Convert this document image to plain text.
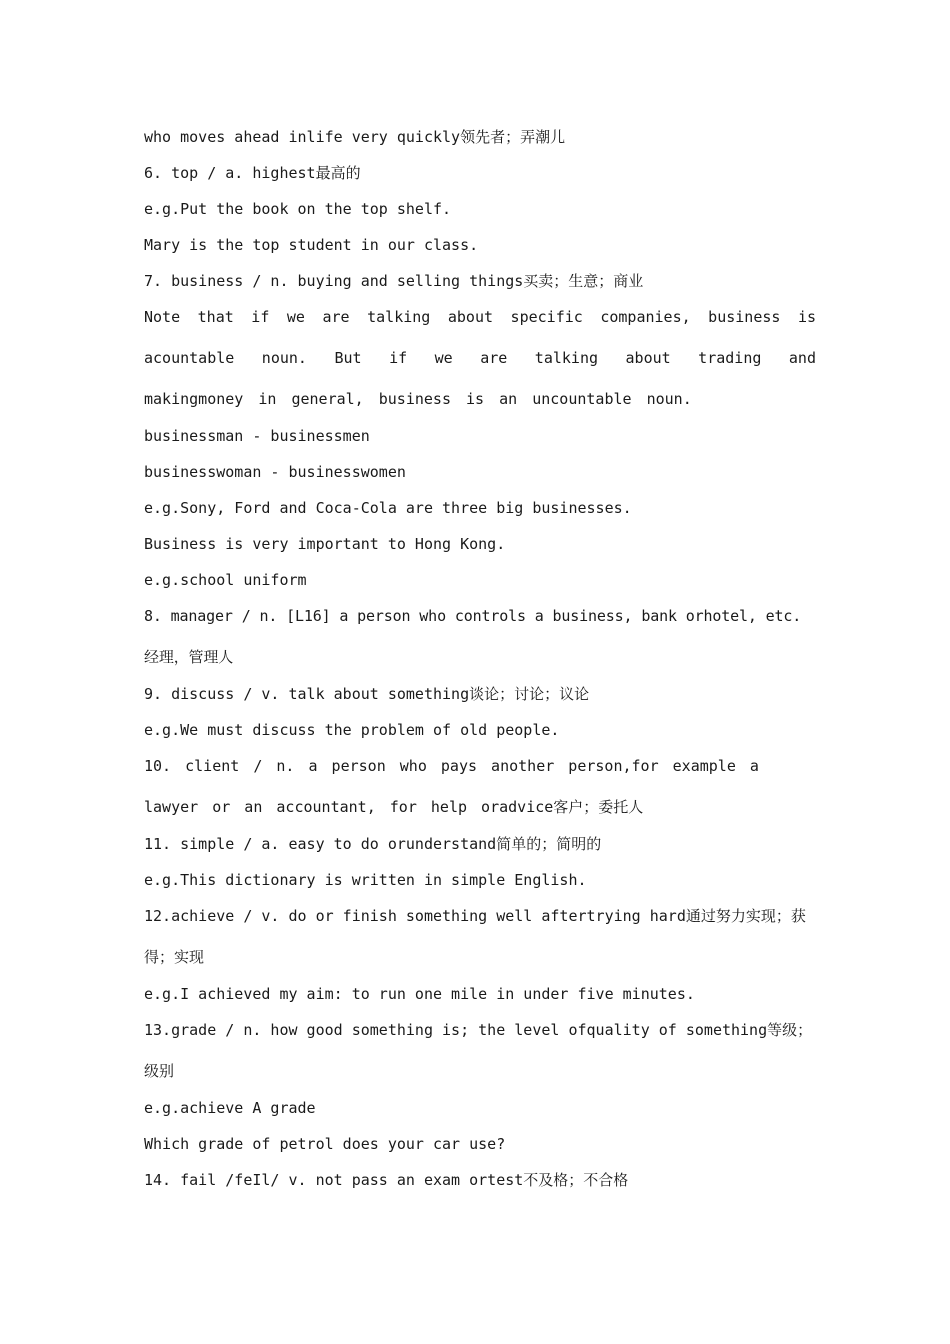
who moves ahead inlife very quickly领先者；弄潮儿
6. top / a. highest最高的
e.g.Put the book on the top shelf.
Mary is the top student in our class.
7. business / n. buying and selling things买卖；生意；商业
Note that if we are talking about specific companies, business is acountable noun. But if we are talking about trading and makingmoney in general, business is an uncountable noun.
businessman - businessmen
businesswoman - businesswomen
e.g.Sony, Ford and Coca-Cola are three big businesses.
Business is very important to Hong Kong.
e.g.school uniform
8. manager / n. [L16] a person who controls a business, bank orhotel, etc.经理，管理人
9. discuss / v. talk about something谈论；讨论；议论
e.g.We must discuss the problem of old people.
10. client / n. a person who pays another person,for example a lawyer or an accountant, for help oradvice客户；委托人
11. simple / a. easy to do orunderstand简单的；简明的
e.g.This dictionary is written in simple English.
12.achieve / v. do or finish something well aftertrying hard通过努力实现；获得；实现
e.g.I achieved my aim: to run one mile in under five minutes.
13.grade / n. how good something is; the level ofquality of something等级；级别
e.g.achieve A grade
Which grade of petrol does your car use?
14. fail /feIl/ v. not pass an exam ortest不及格；不合格
